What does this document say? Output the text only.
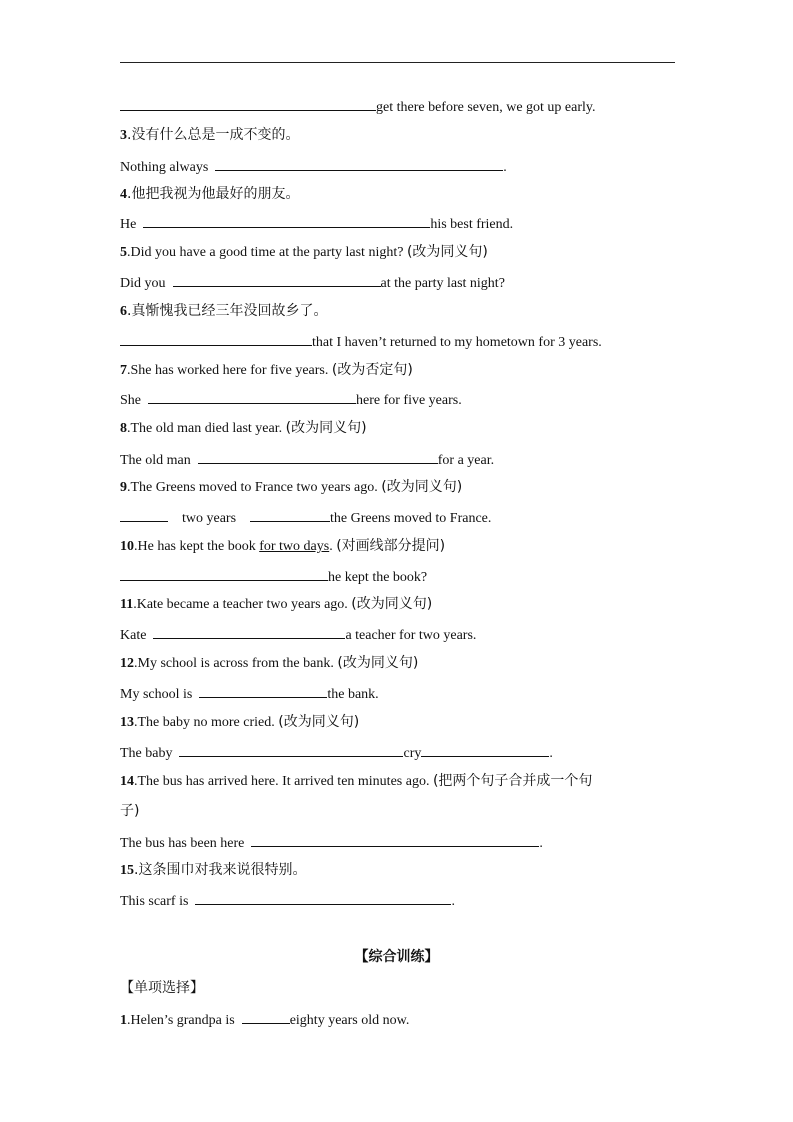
get there before seven, we got up early.
3.没有什么总是一成不变的。
Nothing always	.
4.他把我视为他最好的朋友。
He	his best friend.
5.Did you have a good time at the party last night? (改为同义句)
Did you	at the party last night?
6.真惭愧我已经三年没回故乡了。
that I haven’t returned to my hometown for 3 years.
7.She has worked here for five years. (改为否定句)
She	here for five years.
8.The old man died last year. (改为同义句)
The old man	for a year.
9.The Greens moved to France two years ago. (改为同义句)
two years	the Greens moved to France.
10.He has kept the book for two days. (对画线部分提问)
he kept the book?
11.Kate became a teacher two years ago. (改为同义句)
Kate	a teacher for two years.
12.My school is across from the bank. (改为同义句)
My school is	the bank.
13.The baby no more cried. (改为同义句)
The baby	cry	.
14.The bus has arrived here. It arrived ten minutes ago. (把两个句子合并成一个句
子)
The bus has been here	.
15.这条围巾对我来说很特别。
This scarf is	.
【综合训练】
【单项选择】
1.Helen’s grandpa is	eighty years old now.
